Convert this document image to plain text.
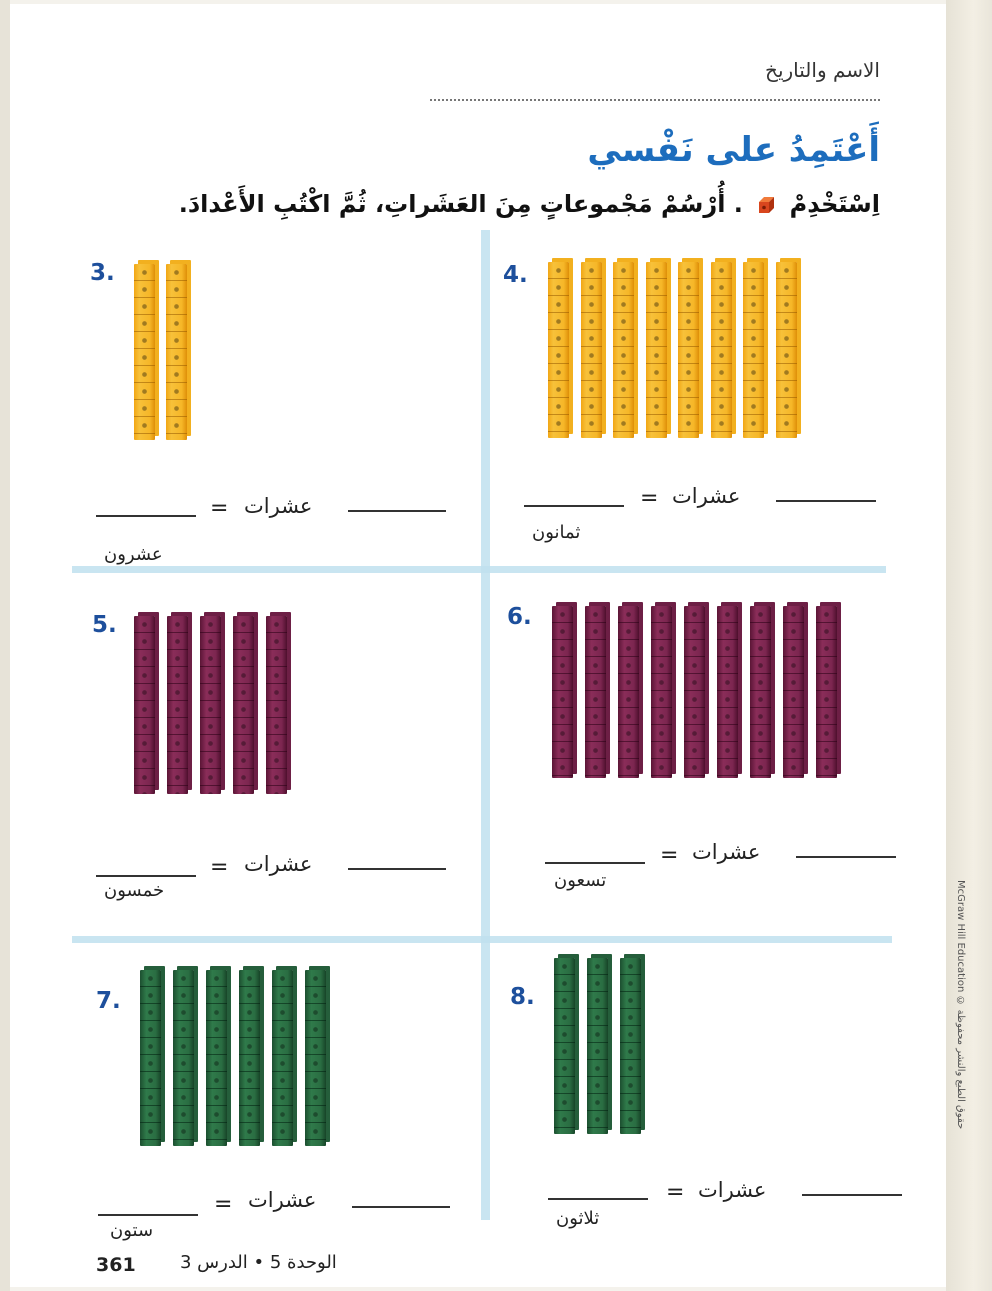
الاسم والتاريخ
أَعْتَمِدُ على نَفْسي
اِسْتَخْدِمْ  . أُرْسُمْ مَجْموعاتٍ مِنَ العَشَراتِ، ثُمَّ اكْتُبِ الأَعْدادَ.
3.
= عشرات
عشرون
4.
= عشرات
ثمانون
5.
= عشرات
خمسون
6.
= عشرات
تسعون
7.
= عشرات
ستون
8.
= عشرات
ثلاثون
McGraw Hill Education © حقوق الطبع والنشر محفوظة
361 الوحدة 5 • الدرس 3
